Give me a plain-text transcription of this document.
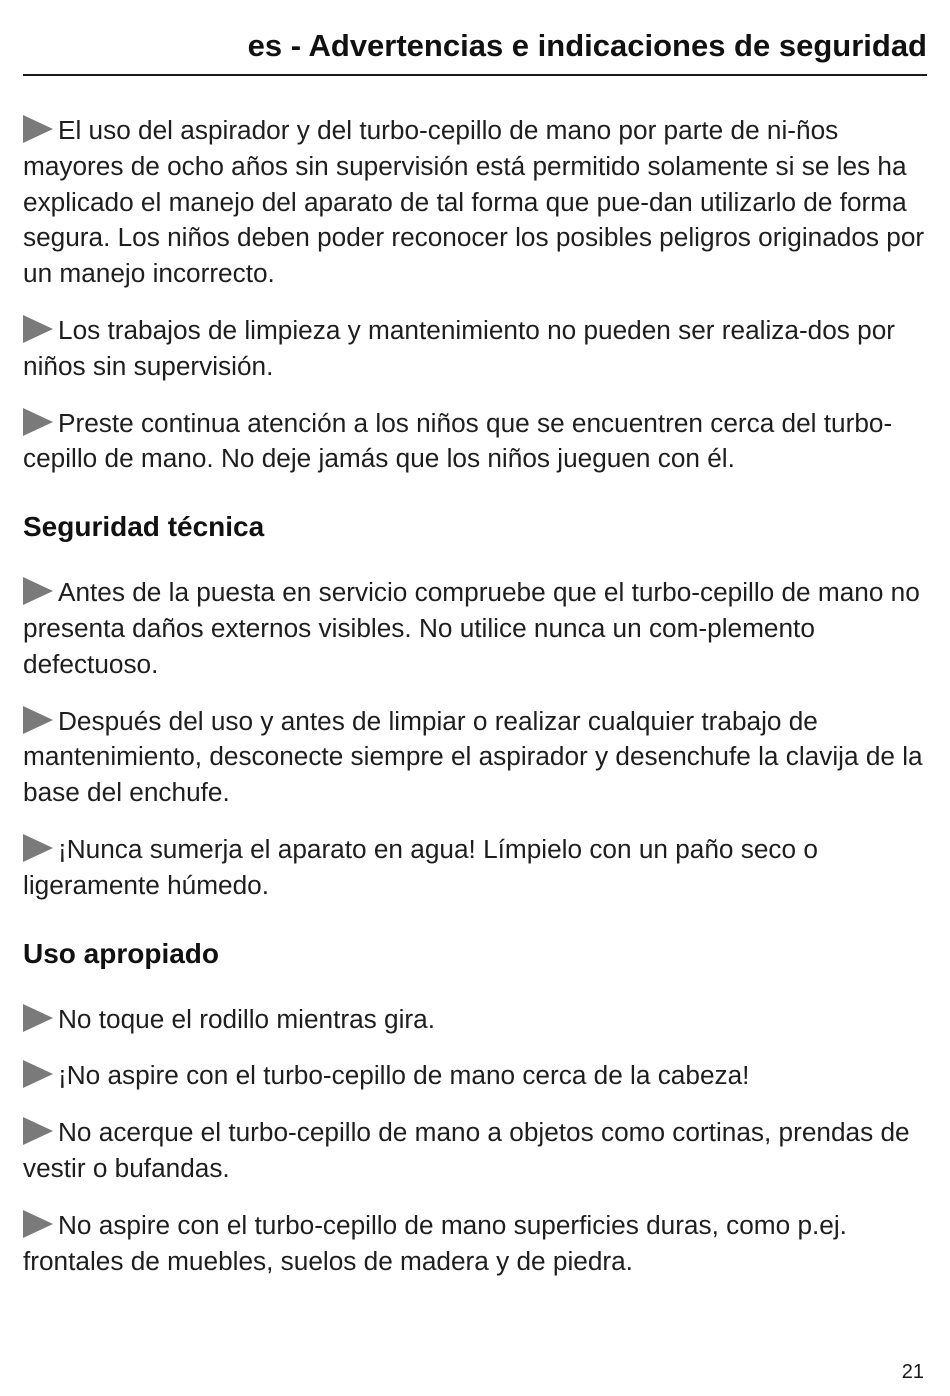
es - Advertencias e indicaciones de seguridad

El uso del aspirador y del turbo-cepillo de mano por parte de ni-ños mayores de ocho años sin supervisión está permitido solamente si se les ha explicado el manejo del aparato de tal forma que pue-dan utilizarlo de forma segura. Los niños deben poder reconocer los posibles peligros originados por un manejo incorrecto.

Los trabajos de limpieza y mantenimiento no pueden ser realiza-dos por niños sin supervisión.

Preste continua atención a los niños que se encuentren cerca del turbo-cepillo de mano. No deje jamás que los niños jueguen con él.

Seguridad técnica

Antes de la puesta en servicio compruebe que el turbo-cepillo de mano no presenta daños externos visibles. No utilice nunca un com-plemento defectuoso.

Después del uso y antes de limpiar o realizar cualquier trabajo de mantenimiento, desconecte siempre el aspirador y desenchufe la clavija de la base del enchufe.

¡Nunca sumerja el aparato en agua! Límpielo con un paño seco o ligeramente húmedo.

Uso apropiado

No toque el rodillo mientras gira.

¡No aspire con el turbo-cepillo de mano cerca de la cabeza!

No acerque el turbo-cepillo de mano a objetos como cortinas, prendas de vestir o bufandas.

No aspire con el turbo-cepillo de mano superficies duras, como p.ej. frontales de muebles, suelos de madera y de piedra.

21
